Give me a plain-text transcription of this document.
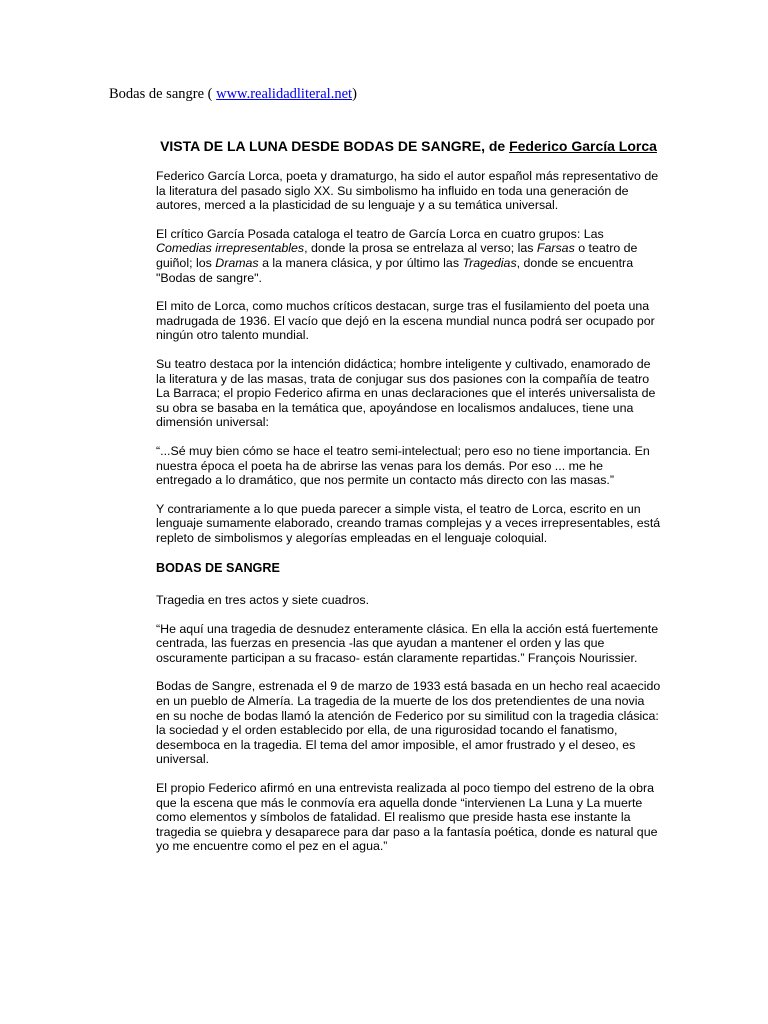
Bodas de sangre ( www.realidadliteral.net)
VISTA DE LA LUNA DESDE BODAS DE SANGRE, de Federico García Lorca

Federico García Lorca, poeta y dramaturgo, ha sido el autor español más representativo de la literatura del pasado siglo XX. Su simbolismo ha influido en toda una generación de autores, merced a la plasticidad de su lenguaje y a su temática universal.

El crítico García Posada cataloga el teatro de García Lorca en cuatro grupos: Las Comedias irrepresentables, donde la prosa se entrelaza al verso; las Farsas o teatro de guiñol; los Dramas a la manera clásica, y por último las Tragedias, donde se encuentra "Bodas de sangre".

El mito de Lorca, como muchos críticos destacan, surge tras el fusilamiento del poeta una madrugada de 1936. El vacío que dejó en la escena mundial nunca podrá ser ocupado por ningún otro talento mundial.

Su teatro destaca por la intención didáctica; hombre inteligente y cultivado, enamorado de la literatura y de las masas, trata de conjugar sus dos pasiones con la compañía de teatro La Barraca; el propio Federico afirma en unas declaraciones que el interés universalista de su obra se basaba en la temática que, apoyándose en localismos andaluces, tiene una dimensión universal:

“...Sé muy bien cómo se hace el teatro semi-intelectual; pero eso no tiene importancia. En nuestra época el poeta ha de abrirse las venas para los demás. Por eso ... me he entregado a lo dramático, que nos permite un contacto más directo con las masas.”

Y contrariamente a lo que pueda parecer a simple vista, el teatro de Lorca, escrito en un lenguaje sumamente elaborado, creando tramas complejas y a veces irrepresentables, está repleto de simbolismos y alegorías empleadas en el lenguaje coloquial.

BODAS DE SANGRE

Tragedia en tres actos y siete cuadros.

“He aquí una tragedia de desnudez enteramente clásica. En ella la acción está fuertemente centrada, las fuerzas en presencia -las que ayudan a mantener el orden y las que oscuramente participan a su fracaso- están claramente repartidas.” François Nourissier.

Bodas de Sangre, estrenada el 9 de marzo de 1933 está basada en un hecho real acaecido en un pueblo de Almería. La tragedia de la muerte de los dos pretendientes de una novia en su noche de bodas llamó la atención de Federico por su similitud con la tragedia clásica: la sociedad y el orden establecido por ella, de una rigurosidad tocando el fanatismo, desemboca en la tragedia. El tema del amor imposible, el amor frustrado y el deseo, es universal.

El propio Federico afirmó en una entrevista realizada al poco tiempo del estreno de la obra que la escena que más le conmovía era aquella donde “intervienen La Luna y La muerte como elementos y símbolos de fatalidad. El realismo que preside hasta ese instante la tragedia se quiebra y desaparece para dar paso a la fantasía poética, donde es natural que yo me encuentre como el pez en el agua.”
